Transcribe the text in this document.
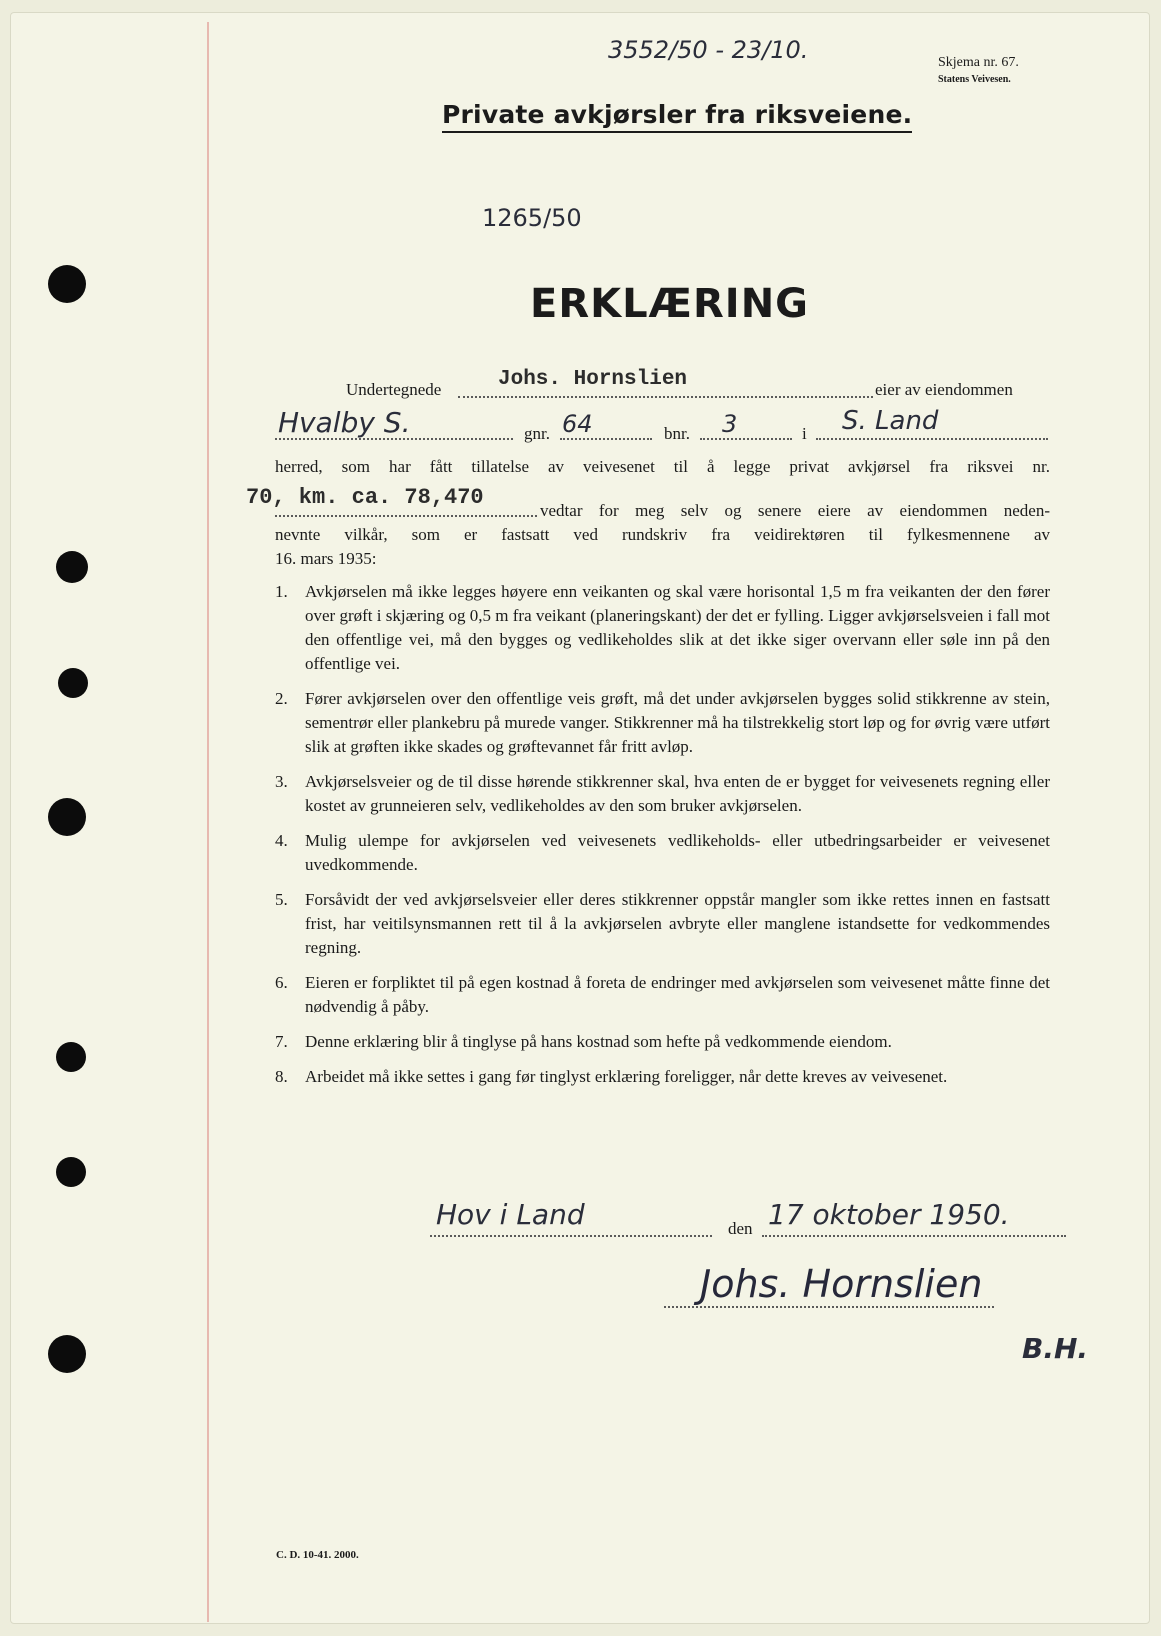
3552/50 - 23/10.	Skjema nr. 67.
Statens Veivesen.
Private avkjørsler fra riksveiene.
1265/50
ERKLÆRING
Undertegnede	Johs. Hornslien	eier av eiendommen
Hvalby S.	gnr. 64	bnr. 3	i S. Land
herred, som har fått tillatelse av veivesenet til å legge privat avkjørsel fra riksvei nr.
70, km. ca. 78,470
vedtar for meg selv og senere eiere av eiendommen neden-
nevnte vilkår, som er fastsatt ved rundskriv fra veidirektøren til fylkesmennene av
16. mars 1935:
1.	Avkjørselen må ikke legges høyere enn veikanten og skal være horisontal 1,5 m fra veikanten der den fører over grøft i skjæring og 0,5 m fra veikant (planeringskant) der det er fylling. Ligger avkjørselsveien i fall mot den offentlige vei, må den bygges og vedlikeholdes slik at det ikke siger overvann eller søle inn på den offentlige vei.
2.	Fører avkjørselen over den offentlige veis grøft, må det under avkjørselen bygges solid stikkrenne av stein, sementrør eller plankebru på murede vanger. Stikkrenner må ha tilstrekkelig stort løp og for øvrig være utført slik at grøften ikke skades og grøftevannet får fritt avløp.
3.	Avkjørselsveier og de til disse hørende stikkrenner skal, hva enten de er bygget for veivesenets regning eller kostet av grunneieren selv, vedlikeholdes av den som bruker avkjørselen.
4.	Mulig ulempe for avkjørselen ved veivesenets vedlikeholds- eller utbedringsarbeider er veivesenet uvedkommende.
5.	Forsåvidt der ved avkjørselsveier eller deres stikkrenner oppstår mangler som ikke rettes innen en fastsatt frist, har veitilsynsmannen rett til å la avkjørselen avbryte eller manglene istandsette for vedkommendes regning.
6.	Eieren er forpliktet til på egen kostnad å foreta de endringer med avkjørselen som veivesenet måtte finne det nødvendig å påby.
7.	Denne erklæring blir å tinglyse på hans kostnad som hefte på vedkommende eiendom.
8.	Arbeidet må ikke settes i gang før tinglyst erklæring foreligger, når dette kreves av veivesenet.
Hov i Land	den 17 oktober 1950.
Johs. Hornslien
B.H.
C. D. 10-41. 2000.
